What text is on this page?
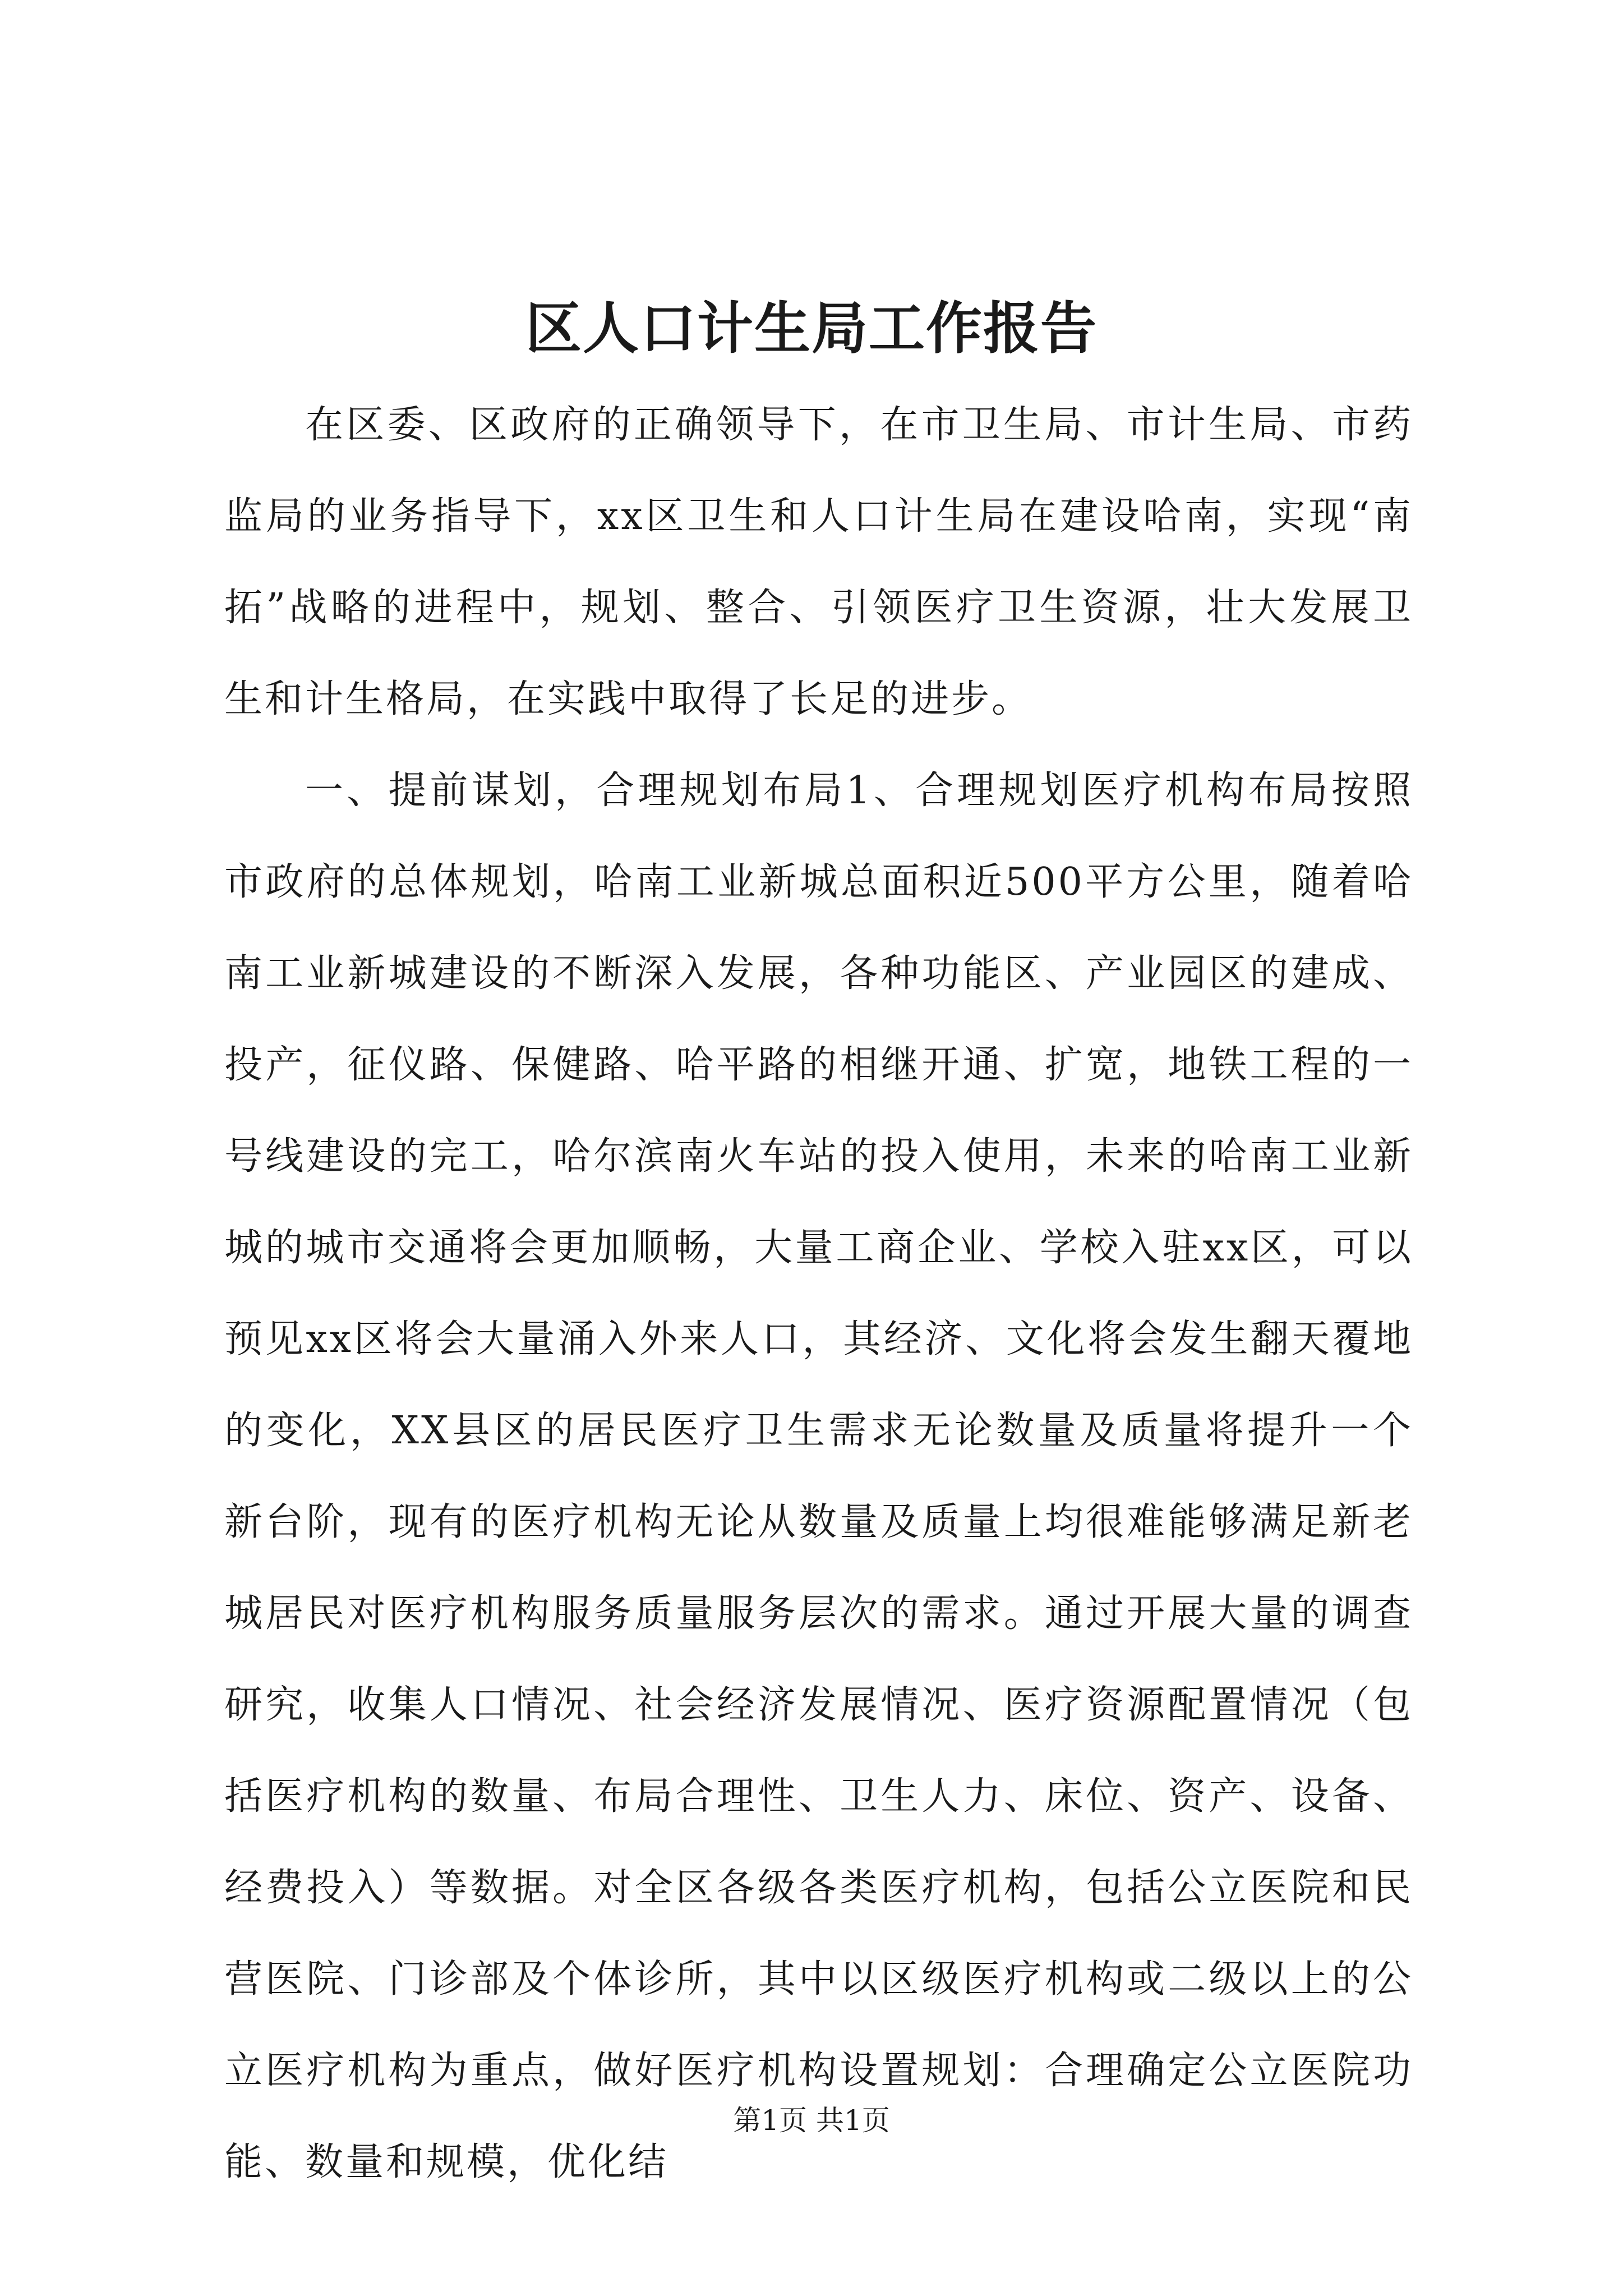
区人口计生局工作报告

在区委、区政府的正确领导下，在市卫生局、市计生局、市药监局的业务指导下，xx区卫生和人口计生局在建设哈南，实现“南拓”战略的进程中，规划、整合、引领医疗卫生资源，壮大发展卫生和计生格局，在实践中取得了长足的进步。

一、提前谋划，合理规划布局1、合理规划医疗机构布局按照市政府的总体规划，哈南工业新城总面积近500平方公里，随着哈南工业新城建设的不断深入发展，各种功能区、产业园区的建成、投产，征仪路、保健路、哈平路的相继开通、扩宽，地铁工程的一号线建设的完工，哈尔滨南火车站的投入使用，未来的哈南工业新城的城市交通将会更加顺畅，大量工商企业、学校入驻xx区，可以预见xx区将会大量涌入外来人口，其经济、文化将会发生翻天覆地的变化，XX县区的居民医疗卫生需求无论数量及质量将提升一个新台阶，现有的医疗机构无论从数量及质量上均很难能够满足新老城居民对医疗机构服务质量服务层次的需求。通过开展大量的调查研究，收集人口情况、社会经济发展情况、医疗资源配置情况（包括医疗机构的数量、布局合理性、卫生人力、床位、资产、设备、经费投入）等数据。对全区各级各类医疗机构，包括公立医院和民营医院、门诊部及个体诊所，其中以区级医疗机构或二级以上的公立医疗机构为重点，做好医疗机构设置规划：合理确定公立医院功能、数量和规模，优化结

第1页 共1页
